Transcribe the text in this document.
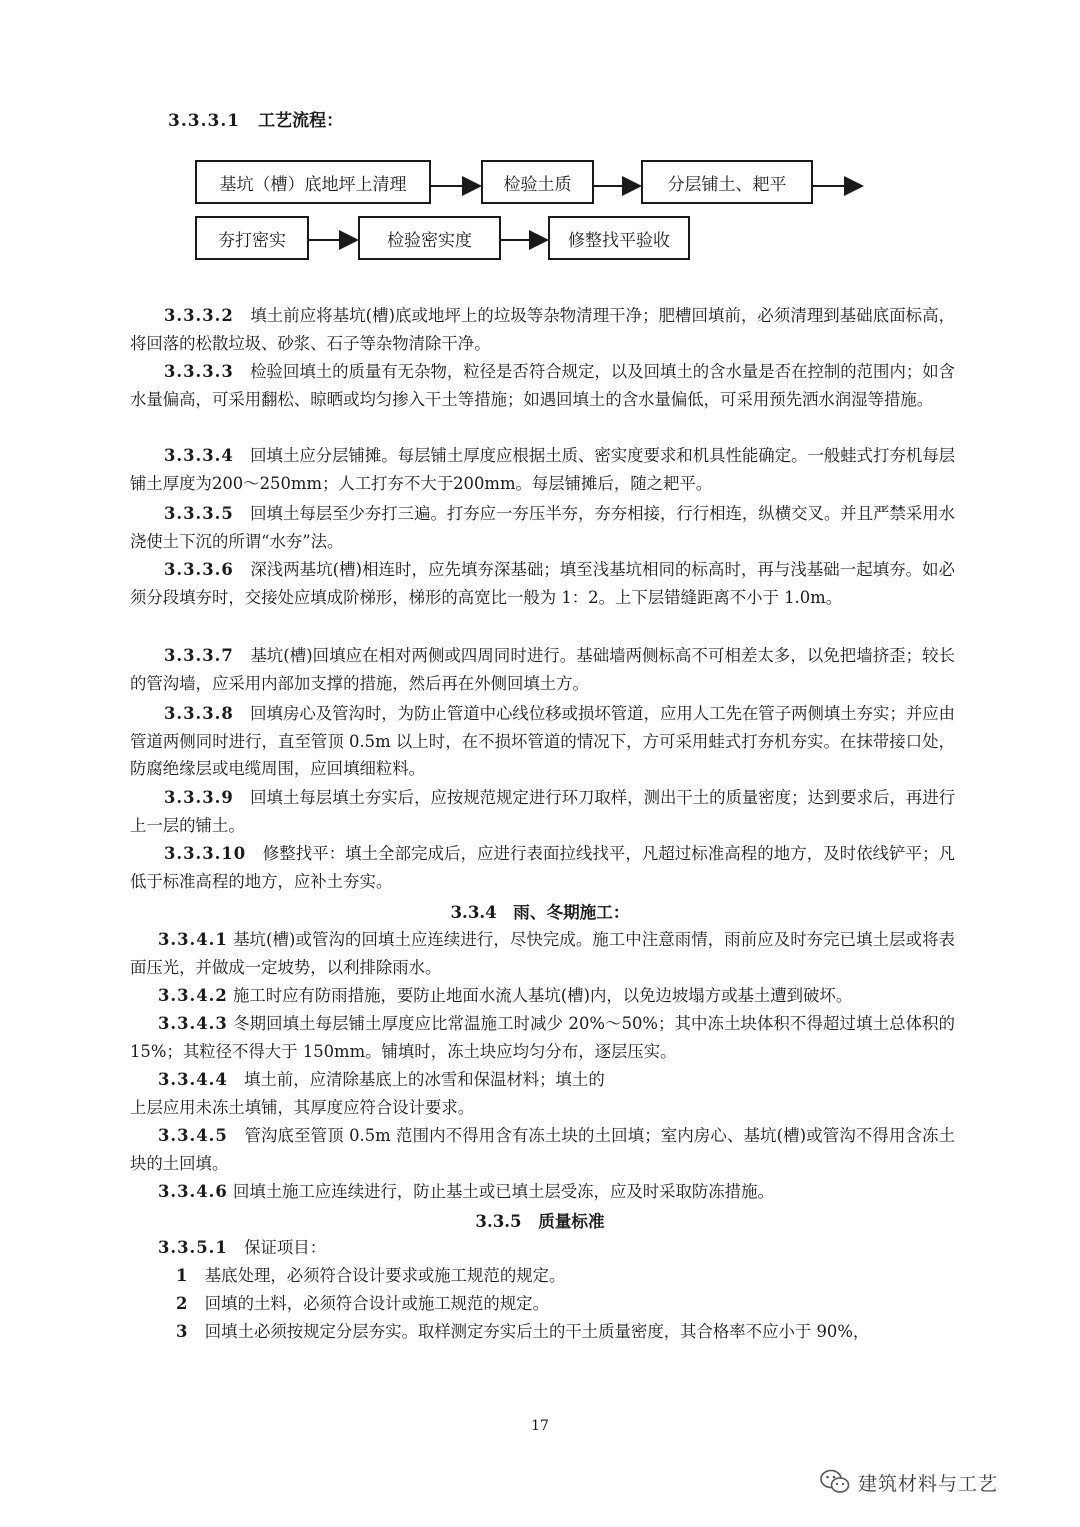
3.3.3.1 工艺流程：
基坑（槽）底地坪上清理	检验土质	分层铺土、耙平
夯打密实	检验密实度	修整找平验收
3.3.3.2　 填土前应将基坑(槽)底或地坪上的垃圾等杂物清理干净；肥槽回填前，必须清理到基础底面标高，将回落的松散垃圾、砂浆、石子等杂物清除干净。
3.3.3.3　 检验回填土的质量有无杂物，粒径是否符合规定，以及回填土的含水量是否在控制的范围内；如含水量偏高，可采用翻松、晾晒或均匀掺入干土等措施；如遇回填土的含水量偏低，可采用预先洒水润湿等措施。
3.3.3.4　 回填土应分层铺摊。每层铺土厚度应根据土质、密实度要求和机具性能确定。一般蛙式打夯机每层铺土厚度为200～250mm；人工打夯不大于200mm。每层铺摊后，随之耙平。
3.3.3.5　 回填土每层至少夯打三遍。打夯应一夯压半夯，夯夯相接，行行相连，纵横交叉。并且严禁采用水浇使土下沉的所谓“水夯”法。
3.3.3.6　 深浅两基坑(槽)相连时，应先填夯深基础；填至浅基坑相同的标高时，再与浅基础一起填夯。如必须分段填夯时，交接处应填成阶梯形，梯形的高宽比一般为 1：2。上下层错缝距离不小于 1.0m。
3.3.3.7　 基坑(槽)回填应在相对两侧或四周同时进行。基础墙两侧标高不可相差太多，以免把墙挤歪；较长的管沟墙，应采用内部加支撑的措施，然后再在外侧回填土方。
3.3.3.8　 回填房心及管沟时，为防止管道中心线位移或损坏管道，应用人工先在管子两侧填土夯实；并应由管道两侧同时进行，直至管顶 0.5m 以上时，在不损坏管道的情况下，方可采用蛙式打夯机夯实。在抹带接口处，防腐绝缘层或电缆周围，应回填细粒料。
3.3.3.9　 回填土每层填土夯实后，应按规范规定进行环刀取样，测出干土的质量密度；达到要求后，再进行上一层的铺土。
3.3.3.10　 修整找平：填土全部完成后，应进行表面拉线找平，凡超过标准高程的地方，及时依线铲平；凡低于标准高程的地方，应补土夯实。
3.3.4　雨、冬期施工：
3.3.4.1 基坑(槽)或管沟的回填土应连续进行，尽快完成。施工中注意雨情，雨前应及时夯完已填土层或将表面压光，并做成一定坡势，以利排除雨水。
3.3.4.2 施工时应有防雨措施，要防止地面水流人基坑(槽)内，以免边坡塌方或基土遭到破坏。
3.3.4.3 冬期回填土每层铺土厚度应比常温施工时减少 20%～50%；其中冻土块体积不得超过填土总体积的 15%；其粒径不得大于 150mm。铺填时，冻土块应均匀分布，逐层压实。
3.3.4.4　 填土前，应清除基底上的冰雪和保温材料；填土的
上层应用未冻土填铺，其厚度应符合设计要求。
3.3.4.5　 管沟底至管顶 0.5m 范围内不得用含有冻土块的土回填；室内房心、基坑(槽)或管沟不得用含冻土块的土回填。
3.3.4.6 回填土施工应连续进行，防止基土或已填土层受冻，应及时采取防冻措施。
3.3.5　质量标准
3.3.5.1　 保证项目：
1　 基底处理，必须符合设计要求或施工规范的规定。
2　 回填的土料，必须符合设计或施工规范的规定。
3　 回填土必须按规定分层夯实。取样测定夯实后土的干土质量密度，其合格率不应小于 90%，
17
建筑材料与工艺
